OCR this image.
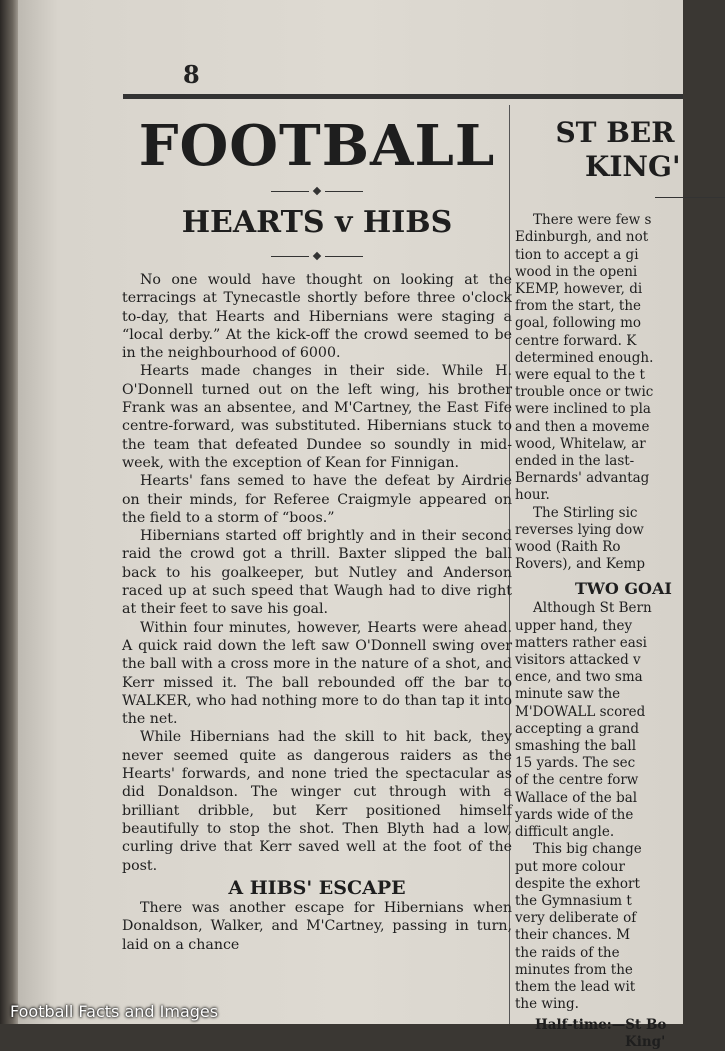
8
FOOTBALL
HEARTS v HIBS

No one would have thought on looking at the terracings at Tynecastle shortly before three o'clock to-day, that Hearts and Hibernians were staging a “local derby.” At the kick-off the crowd seemed to be in the neighbourhood of 6000.

Hearts made changes in their side. While H. O'Donnell turned out on the left wing, his brother Frank was an absentee, and M'Cartney, the East Fife centre-forward, was substituted. Hibernians stuck to the team that defeated Dundee so soundly in mid-week, with the exception of Kean for Finnigan.

Hearts' fans semed to have the defeat by Airdrie on their minds, for Referee Craigmyle appeared on the field to a storm of “boos.”

Hibernians started off brightly and in their second raid the crowd got a thrill. Baxter slipped the ball back to his goalkeeper, but Nutley and Anderson raced up at such speed that Waugh had to dive right at their feet to save his goal.

Within four minutes, however, Hearts were ahead. A quick raid down the left saw O'Donnell swing over the ball with a cross more in the nature of a shot, and Kerr missed it. The ball rebounded off the bar to WALKER, who had nothing more to do than tap it into the net.

While Hibernians had the skill to hit back, they never seemed quite as dangerous raiders as the Hearts' forwards, and none tried the spectacular as did Donaldson. The winger cut through with a brilliant dribble, but Kerr positioned himself beautifully to stop the shot. Then Blyth had a low, curling drive that Kerr saved well at the foot of the post.

A HIBS' ESCAPE

There was another escape for Hibernians when Donaldson, Walker, and M'Cartney, passing in turn, laid on a chance

ST BER
KING'
There were few s
Edinburgh, and not
tion to accept a gi
wood in the openi
KEMP, however, di
from the start, the
goal, following mo
centre forward. K
determined enough.
were equal to the t
trouble once or twic
were inclined to pla
and then a moveme
wood, Whitelaw, ar
ended in the last-
Bernards' advantag
hour.
The Stirling sic
reverses lying dow
wood (Raith Ro
Rovers), and Kemp
TWO GOAI
Although St Bern
upper hand, they
matters rather easi
visitors attacked v
ence, and two sma
minute saw the
M'DOWALL scored
accepting a grand
smashing the ball
15 yards. The sec
of the centre forw
Wallace of the bal
yards wide of the
difficult angle.
This big change
put more colour
despite the exhort
the Gymnasium t
very deliberate of
their chances. M
the raids of the
minutes from the
them the lead wit
the wing.
Half-time:—St Bo
King'
Football Facts and Images
